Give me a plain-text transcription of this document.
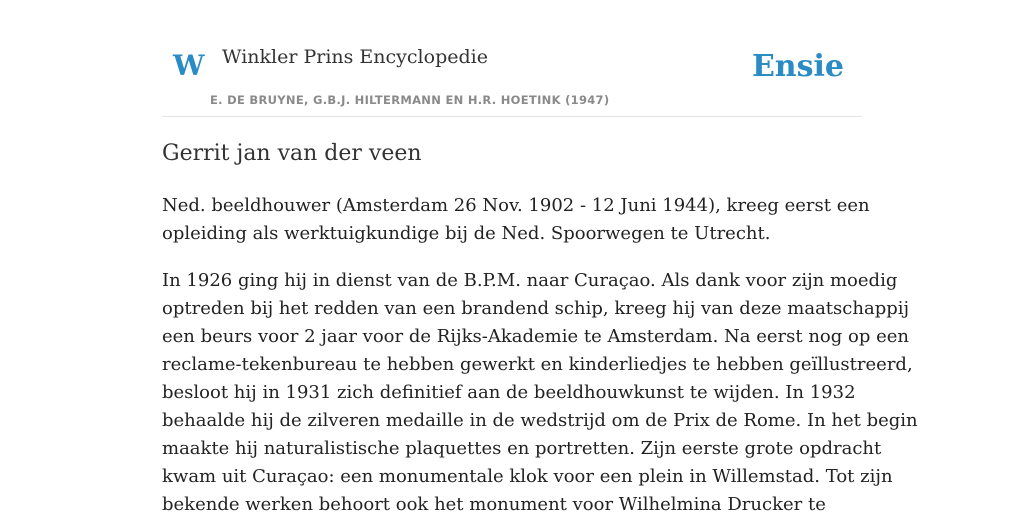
W Winkler Prins Encyclopedie
E. DE BRUYNE, G.B.J. HILTERMANN EN H.R. HOETINK (1947)
Ensie
Gerrit jan van der veen

Ned. beeldhouwer (Amsterdam 26 Nov. 1902 - 12 Juni 1944), kreeg eerst een
opleiding als werktuigkundige bij de Ned. Spoorwegen te Utrecht.

In 1926 ging hij in dienst van de B.P.M. naar Curaçao. Als dank voor zijn moedig
optreden bij het redden van een brandend schip, kreeg hij van deze maatschappij
een beurs voor 2 jaar voor de Rijks-Akademie te Amsterdam. Na eerst nog op een
reclame-tekenbureau te hebben gewerkt en kinderliedjes te hebben geïllustreerd,
besloot hij in 1931 zich definitief aan de beeldhouwkunst te wijden. In 1932
behaalde hij de zilveren medaille in de wedstrijd om de Prix de Rome. In het begin
maakte hij naturalistische plaquettes en portretten. Zijn eerste grote opdracht
kwam uit Curaçao: een monumentale klok voor een plein in Willemstad. Tot zijn
bekende werken behoort ook het monument voor Wilhelmina Drucker te
